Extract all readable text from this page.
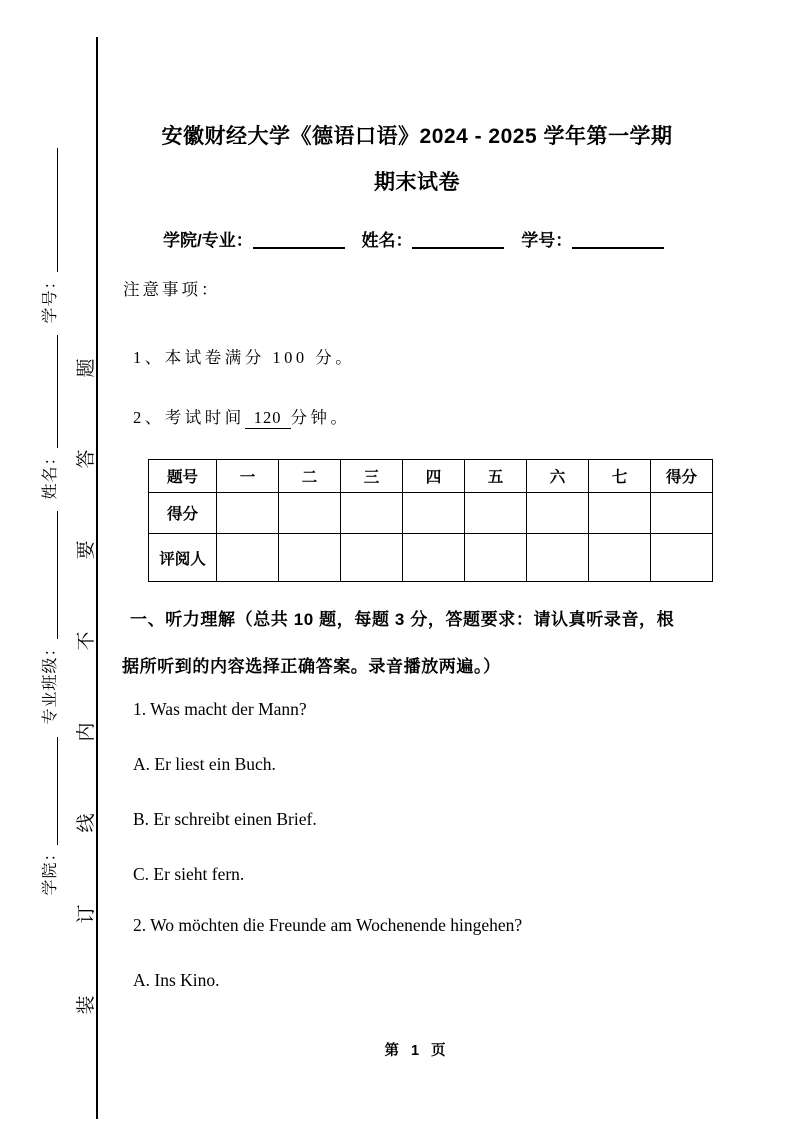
学院： 专业班级： 姓名： 学号：
题
答
要
不
内
线
订
装
安徽财经大学《德语口语》2024 - 2025 学年第一学期
期末试卷
学院/专业：	姓名：	学号：
注意事项：
1、本试卷满分 100 分。
2、考试时间 120 分钟。
题号	一	二	三	四	五	六	七	得分
得分								
评阅人								
一、听力理解（总共 10 题，每题 3 分，答题要求：请认真听录音，根
据所听到的内容选择正确答案。录音播放两遍。）
1. Was macht der Mann?
A. Er liest ein Buch.
B. Er schreibt einen Brief.
C. Er sieht fern.
2. Wo möchten die Freunde am Wochenende hingehen?
A. Ins Kino.
第 1 页
